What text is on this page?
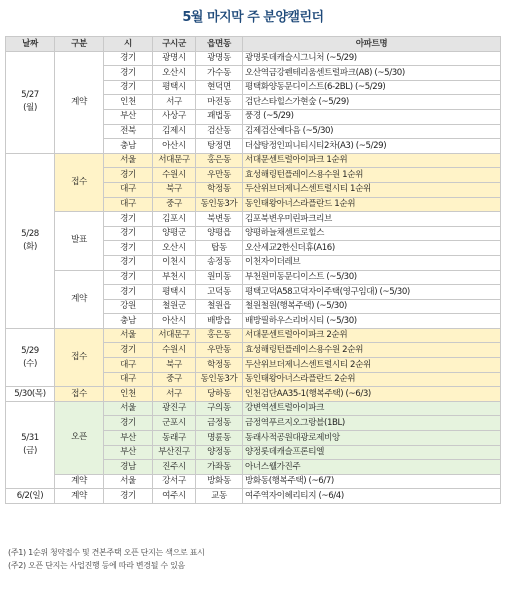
5월 마지막 주 분양캘린더
날짜	구분	시	구시군	읍면동	아파트명
5/27
(월)	계약	경기	광명시	광명동	광명롯데캐슬시그니처 (~5/29)
		경기	오산시	가수동	오산역금강펜테리움센트럴파크(A8) (~5/30)
		경기	평택시	현덕면	평택화양동문디이스트(6-2BL) (~5/29)
		인천	서구	마전동	검단스타힐스가현숲 (~5/29)
		부산	사상구	괘법동	풍경 (~5/29)
		전북	김제시	검산동	김제검산예다음 (~5/30)
		충남	아산시	탕정면	더샵탕정인피니티시티2차(A3) (~5/29)
5/28
(화)	접수	서울	서대문구	홍은동	서대문센트럴아이파크 1순위
		경기	수원시	우만동	효성해링턴플레이스용수원 1순위
		대구	북구	학정동	두산위브더제니스센트럴시티 1순위
		대구	중구	동인동3가	동인태왕아너스라플란드 1순위
	발표	경기	김포시	북변동	김포북변우미린파크리브
		경기	양평군	양평읍	양평하늘채센트로힐스
		경기	오산시	탑동	오산세교2한신더휴(A16)
		경기	이천시	송정동	이천자이더레브
	계약	경기	부천시	원미동	부천원미동문디이스트 (~5/30)
		경기	평택시	고덕동	평택고덕A58고덕자이주택(영구임대) (~5/30)
		강원	철원군	철원읍	철원철원(행복주택) (~5/30)
		충남	아산시	배방읍	배방필하우스리버시티 (~5/30)
5/29
(수)	접수	서울	서대문구	홍은동	서대문센트럴아이파크 2순위
		경기	수원시	우만동	효성해링턴플레이스용수원 2순위
		대구	북구	학정동	두산위브더제니스센트럴시티 2순위
		대구	중구	동인동3가	동인태왕아너스라플란드 2순위
5/30(목)	접수	인천	서구	당하동	인천검단AA35-1(행복주택) (~6/3)
5/31
(금)	오픈	서울	광진구	구의동	강변역센트럴아이파크
		경기	군포시	금정동	금정역푸르지오그랑블(1BL)
		부산	동래구	명륜동	동래사적공원대광로제비앙
		부산	부산진구	양정동	양정롯데캐슬프론티엘
		경남	진주시	가좌동	아너스웰가진주
	계약	서울	강서구	방화동	방화동(행복주택) (~6/7)
6/2(일)	계약	경기	여주시	교동	여주역자이헤리티지 (~6/4)
(주1) 1순위 청약접수 및 견본주택 오픈 단지는 색으로 표시
(주2) 오픈 단지는 사업진행 등에 따라 변경될 수 있음
